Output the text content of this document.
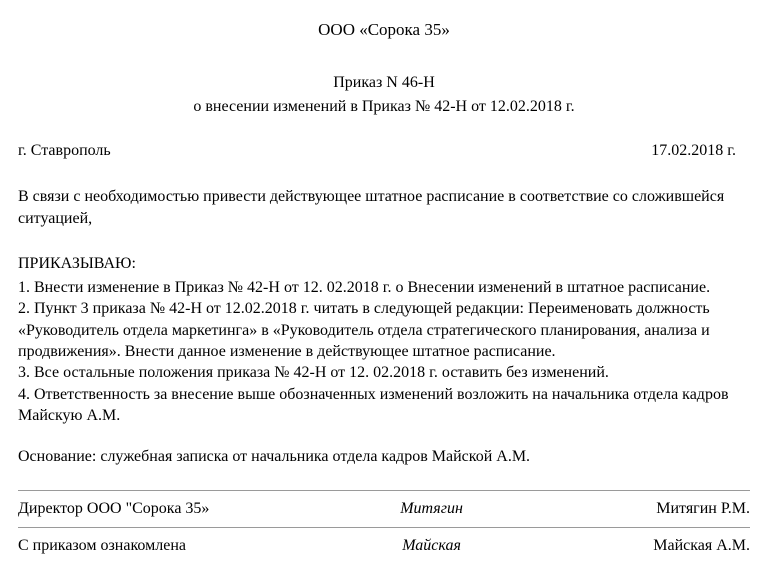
ООО «Сорока 35»
Приказ N 46-Н
о внесении изменений в Приказ № 42-Н от 12.02.2018 г.
г. Ставрополь	17.02.2018 г.
В связи с необходимостью привести действующее штатное расписание в соответствие со сложившейся ситуацией,
ПРИКАЗЫВАЮ:

1. Внести изменение в Приказ № 42-Н от 12. 02.2018 г. о Внесении изменений в штатное расписание.

2. Пункт 3 приказа № 42-Н от 12.02.2018 г. читать в следующей редакции: Переименовать должность «Руководитель отдела маркетинга» в «Руководитель отдела стратегического планирования, анализа и продвижения». Внести данное изменение в действующее штатное расписание.

3. Все остальные положения приказа № 42-Н от 12. 02.2018 г. оставить без изменений.

4. Ответственность за внесение выше обозначенных изменений возложить на начальника отдела кадров Майскую А.М.

Основание: служебная записка от начальника отдела кадров Майской А.М.
Директор ООО "Сорока 35»	Митягин	Митягин Р.М.
С приказом ознакомлена	Майская	Майская А.М.
